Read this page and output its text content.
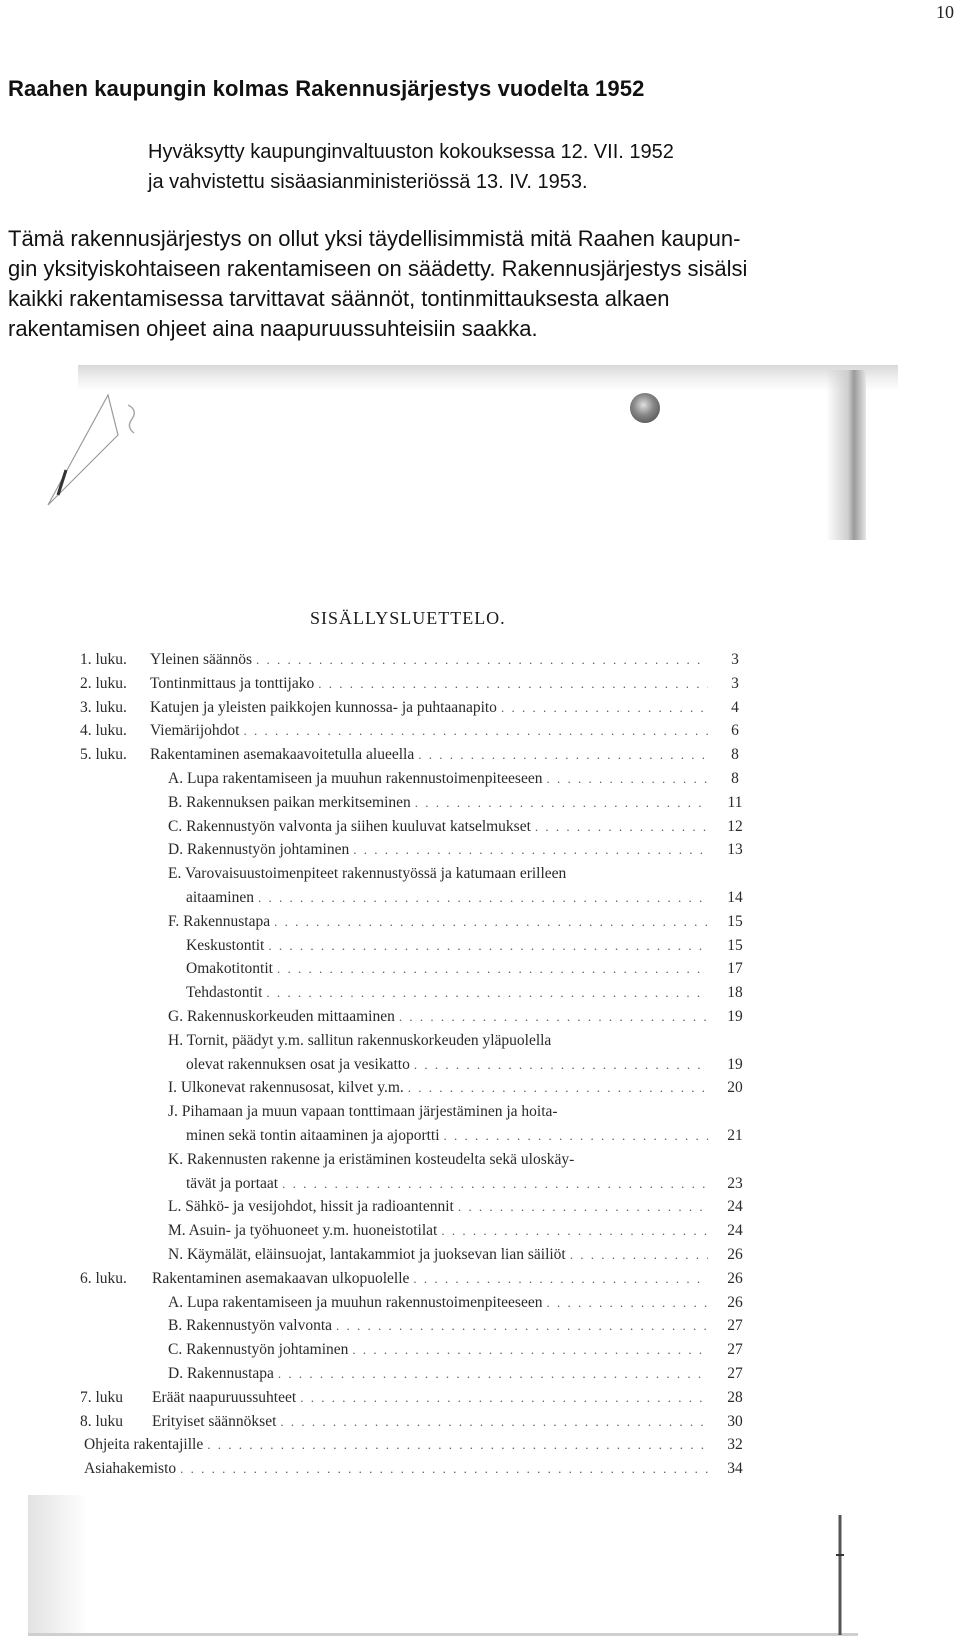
10
Raahen kaupungin kolmas Rakennusjärjestys vuodelta 1952
Hyväksytty kaupunginvaltuuston kokouksessa 12. VII. 1952
ja vahvistettu sisäasianministeriössä 13. IV. 1953.

Tämä rakennusjärjestys on ollut yksi täydellisimmistä mitä Raahen kaupun-
gin yksityiskohtaiseen rakentamiseen on säädetty. Rakennusjärjestys sisälsi
kaikki rakentamisessa tarvittavat säännöt, tontinmittauksesta alkaen
rakentamisen ohjeet aina naapuruussuhteisiin saakka.

SISÄLLYSLUETTELO.
1. luku. Yleinen säännös . . .	3
2. luku. Tontinmittaus ja tonttijako . . .	3
3. luku. Katujen ja yleisten paikkojen kunnossa- ja puhtaanapito . . .	4
4. luku. Viemärijohdot . . .	6
5. luku. Rakentaminen asemakaavoitetulla alueella . . .	8
A. Lupa rakentamiseen ja muuhun rakennustoimenpiteeseen . . .	8
B. Rakennuksen paikan merkitseminen . . .	11
C. Rakennustyön valvonta ja siihen kuuluvat katselmukset . . .	12
D. Rakennustyön johtaminen . . .	13
E. Varovaisuustoimenpiteet rakennustyössä ja katumaan erilleen
aitaaminen . . .	14
F. Rakennustapa . . .	15
Keskustontit . . .	15
Omakotitontit . . .	17
Tehdastontit . . .	18
G. Rakennuskorkeuden mittaaminen . . .	19
H. Tornit, päädyt y.m. sallitun rakennuskorkeuden yläpuolella
olevat rakennuksen osat ja vesikatto . . .	19
I. Ulkonevat rakennusosat, kilvet y.m. . . .	20
J. Pihamaan ja muun vapaan tonttimaan järjestäminen ja hoita-
minen sekä tontin aitaaminen ja ajoportti . . .	21
K. Rakennusten rakenne ja eristäminen kosteudelta sekä uloskäy-
tävät ja portaat . . .	23
L. Sähkö- ja vesijohdot, hissit ja radioantennit . . .	24
M. Asuin- ja työhuoneet y.m. huoneistotilat . . .	24
N. Käymälät, eläinsuojat, lantakammiot ja juoksevan lian säiliöt . . .	26
6. luku. Rakentaminen asemakaavan ulkopuolelle . . .	26
A. Lupa rakentamiseen ja muuhun rakennustoimenpiteeseen . . .	26
B. Rakennustyön valvonta . . .	27
C. Rakennustyön johtaminen . . .	27
D. Rakennustapa . . .	27
7. luku Eräät naapuruussuhteet . . .	28
8. luku Erityiset säännökset . . .	30
Ohjeita rakentajille . . .	32
Asiahakemisto . . .	34
